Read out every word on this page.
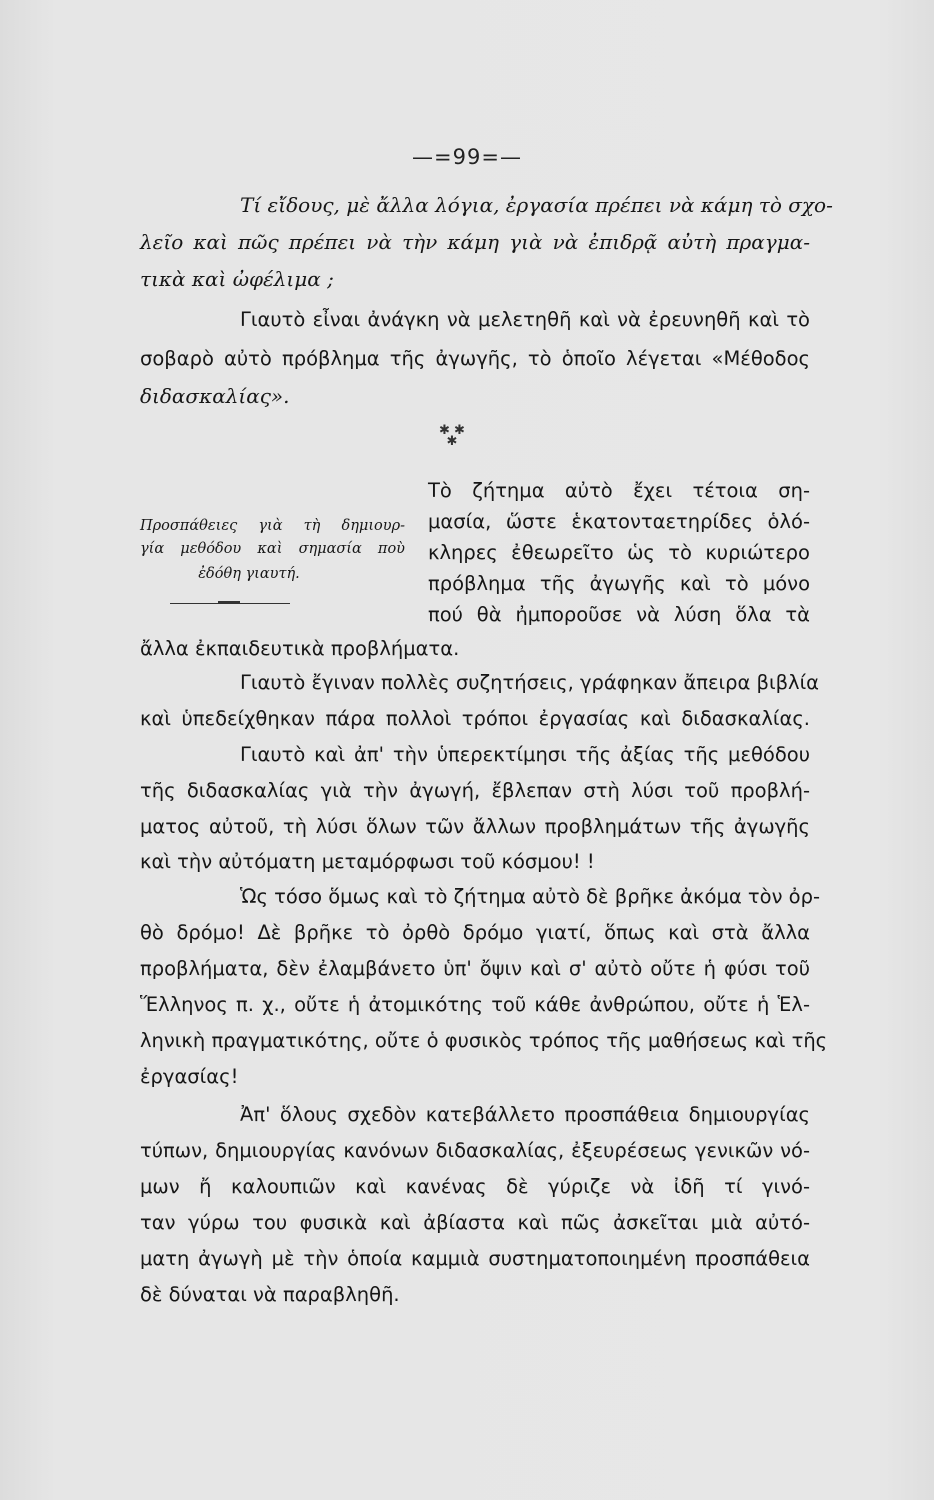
—=99=—
Τί εἴδους, μὲ ἄλλα λόγια, ἐργασία πρέπει νὰ κάμη τὸ σχο-
λεῖο καὶ πῶς πρέπει νὰ τὴν κάμη γιὰ νὰ ἐπιδρᾷ αὐτὴ πραγμα-
τικὰ καὶ ὠφέλιμα ;
Γιαυτὸ εἶναι ἀνάγκη νὰ μελετηθῆ καὶ νὰ ἐρευνηθῆ καὶ τὸ
σοβαρὸ αὐτὸ πρόβλημα τῆς ἀγωγῆς, τὸ ὁποῖο λέγεται «Μέθοδος
διδασκαλίας».
✱ ✱
✱
Τὸ ζήτημα αὐτὸ ἔχει τέτοια ση-
μασία, ὥστε ἑκατονταετηρίδες ὁλό-
κληρες ἐθεωρεῖτο ὡς τὸ κυριώτερο
πρόβλημα τῆς ἀγωγῆς καὶ τὸ μόνο
πού θὰ ἠμποροῦσε νὰ λύση ὅλα τὰ
Προσπάθειες γιὰ τὴ δημιουρ-
γία μεθόδου καὶ σημασία ποὺ
ἐδόθη γιαυτή.
ἄλλα ἐκπαιδευτικὰ προβλήματα.
Γιαυτὸ ἔγιναν πολλὲς συζητήσεις, γράφηκαν ἄπειρα βιβλία
καὶ ὑπεδείχθηκαν πάρα πολλοὶ τρόποι ἐργασίας καὶ διδασκαλίας.
Γιαυτὸ καὶ ἀπ' τὴν ὑπερεκτίμησι τῆς ἀξίας τῆς μεθόδου
τῆς διδασκαλίας γιὰ τὴν ἀγωγή, ἔβλεπαν στὴ λύσι τοῦ προβλή-
ματος αὐτοῦ, τὴ λύσι ὅλων τῶν ἄλλων προβλημάτων τῆς ἀγωγῆς
καὶ τὴν αὐτόματη μεταμόρφωσι τοῦ κόσμου! !
Ὡς τόσο ὅμως καὶ τὸ ζήτημα αὐτὸ δὲ βρῆκε ἀκόμα τὸν ὀρ-
θὸ δρόμο! Δὲ βρῆκε τὸ ὀρθὸ δρόμο γιατί, ὅπως καὶ στὰ ἄλλα
προβλήματα, δὲν ἐλαμβάνετο ὑπ' ὄψιν καὶ σ' αὐτὸ οὔτε ἡ φύσι τοῦ
Ἕλληνος π. χ., οὔτε ἡ ἀτομικότης τοῦ κάθε ἀνθρώπου, οὔτε ἡ Ἑλ-
ληνικὴ πραγματικότης, οὔτε ὁ φυσικὸς τρόπος τῆς μαθήσεως καὶ τῆς
ἐργασίας!
Ἀπ' ὅλους σχεδὸν κατεβάλλετο προσπάθεια δημιουργίας
τύπων, δημιουργίας κανόνων διδασκαλίας, ἐξευρέσεως γενικῶν νό-
μων ἤ καλουπιῶν καὶ κανένας δὲ γύριζε νὰ ἰδῆ τί γινό-
ταν γύρω του φυσικὰ καὶ ἀβίαστα καὶ πῶς ἀσκεῖται μιὰ αὐτό-
ματη ἀγωγὴ μὲ τὴν ὁποία καμμιὰ συστηματοποιημένη προσπάθεια
δὲ δύναται νὰ παραβληθῆ.
